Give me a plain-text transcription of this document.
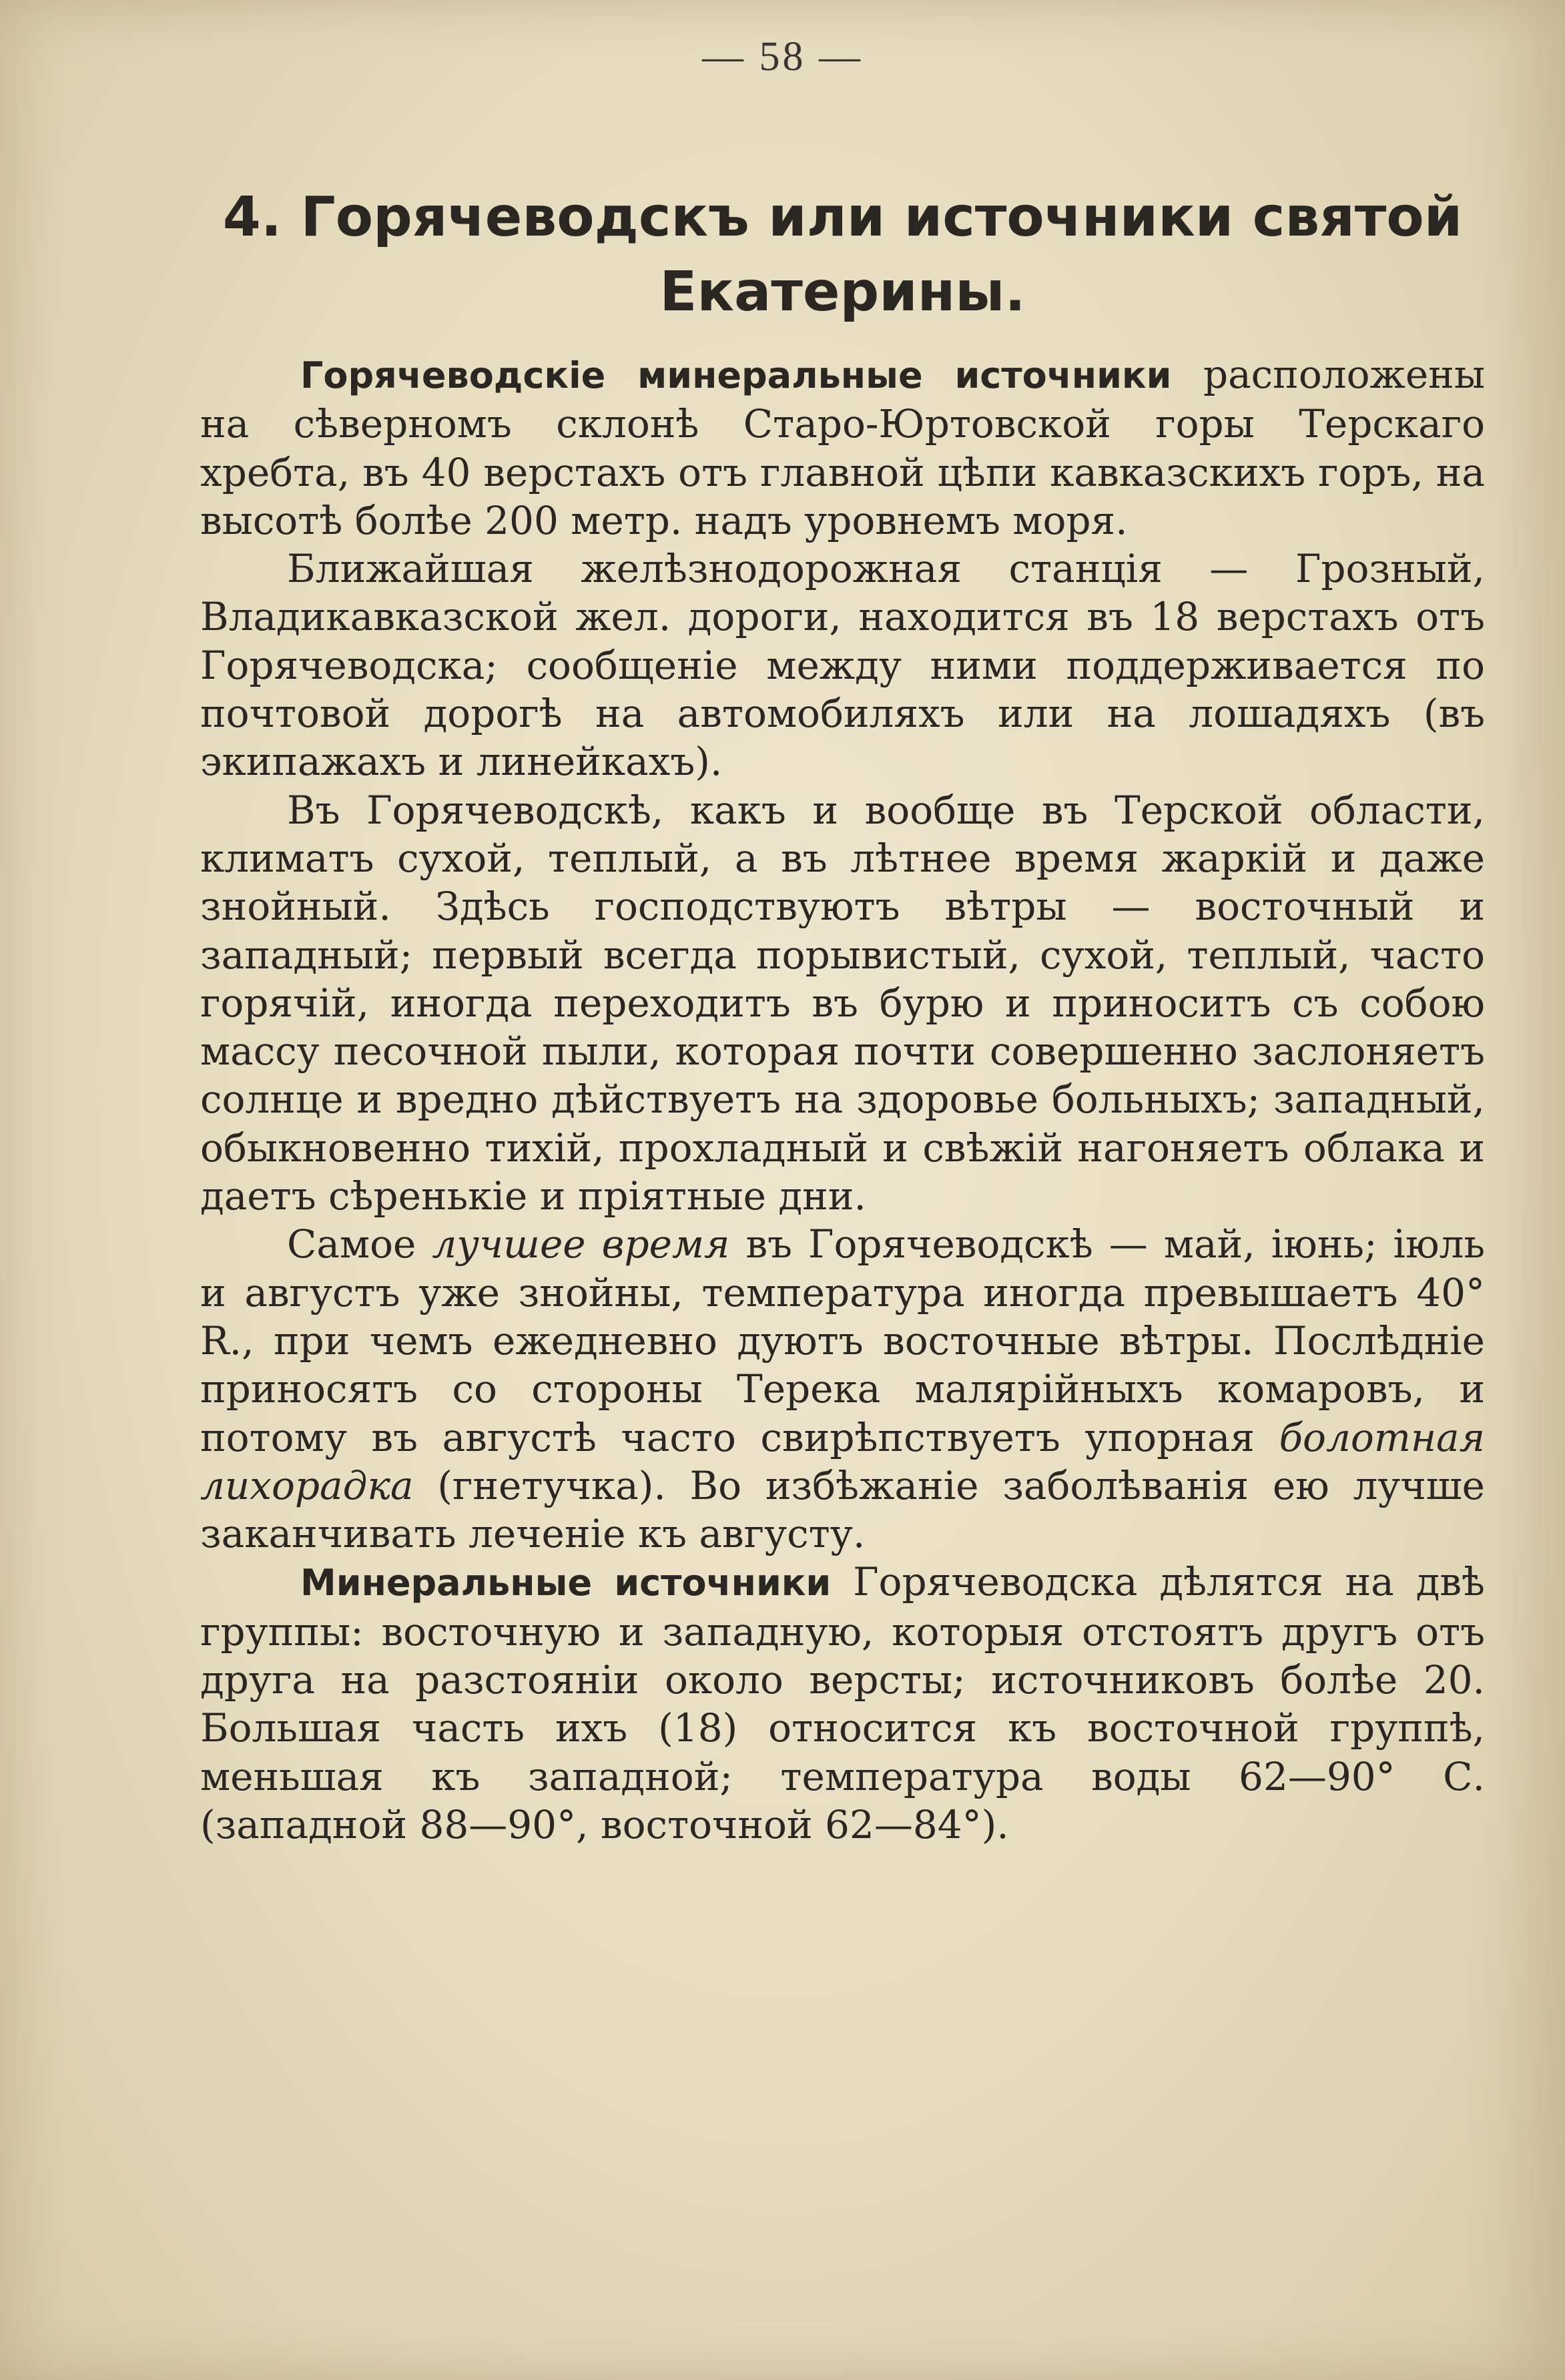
— 58 —
4. Горячеводскъ или источники святой Екатерины.

Горячеводскіе минеральные источники расположены на сѣверномъ склонѣ Старо-Юртовской горы Терскаго хребта, въ 40 верстахъ отъ главной цѣпи кавказскихъ горъ, на высотѣ болѣе 200 метр. надъ уровнемъ моря.

Ближайшая желѣзнодорожная станція — Грозный, Владикавказской жел. дороги, находится въ 18 верстахъ отъ Горячеводска; сообщеніе между ними поддерживается по почтовой дорогѣ на автомобиляхъ или на лошадяхъ (въ экипажахъ и линейкахъ).

Въ Горячеводскѣ, какъ и вообще въ Терской области, климатъ сухой, теплый, а въ лѣтнее время жаркій и даже знойный. Здѣсь господствуютъ вѣтры — восточный и западный; первый всегда порывистый, сухой, теплый, часто горячій, иногда переходитъ въ бурю и приноситъ съ собою массу песочной пыли, которая почти совершенно заслоняетъ солнце и вредно дѣйствуетъ на здоровье больныхъ; западный, обыкновенно тихій, прохладный и свѣжій нагоняетъ облака и даетъ сѣренькіе и пріятные дни.

Самое лучшее время въ Горячеводскѣ — май, іюнь; іюль и августъ уже знойны, температура иногда превышаетъ 40° R., при чемъ ежедневно дуютъ восточные вѣтры. Послѣдніе приносятъ со стороны Терека малярійныхъ комаровъ, и потому въ августѣ часто свирѣпствуетъ упорная болотная лихорадка (гнетучка). Во избѣжаніе заболѣванія ею лучше заканчивать леченіе къ августу.

Минеральные источники Горячеводска дѣлятся на двѣ группы: восточную и западную, которыя отстоятъ другъ отъ друга на разстояніи около версты; источниковъ болѣе 20. Большая часть ихъ (18) относится къ восточной группѣ, меньшая къ западной; температура воды 62—90° С. (западной 88—90°, восточной 62—84°).
